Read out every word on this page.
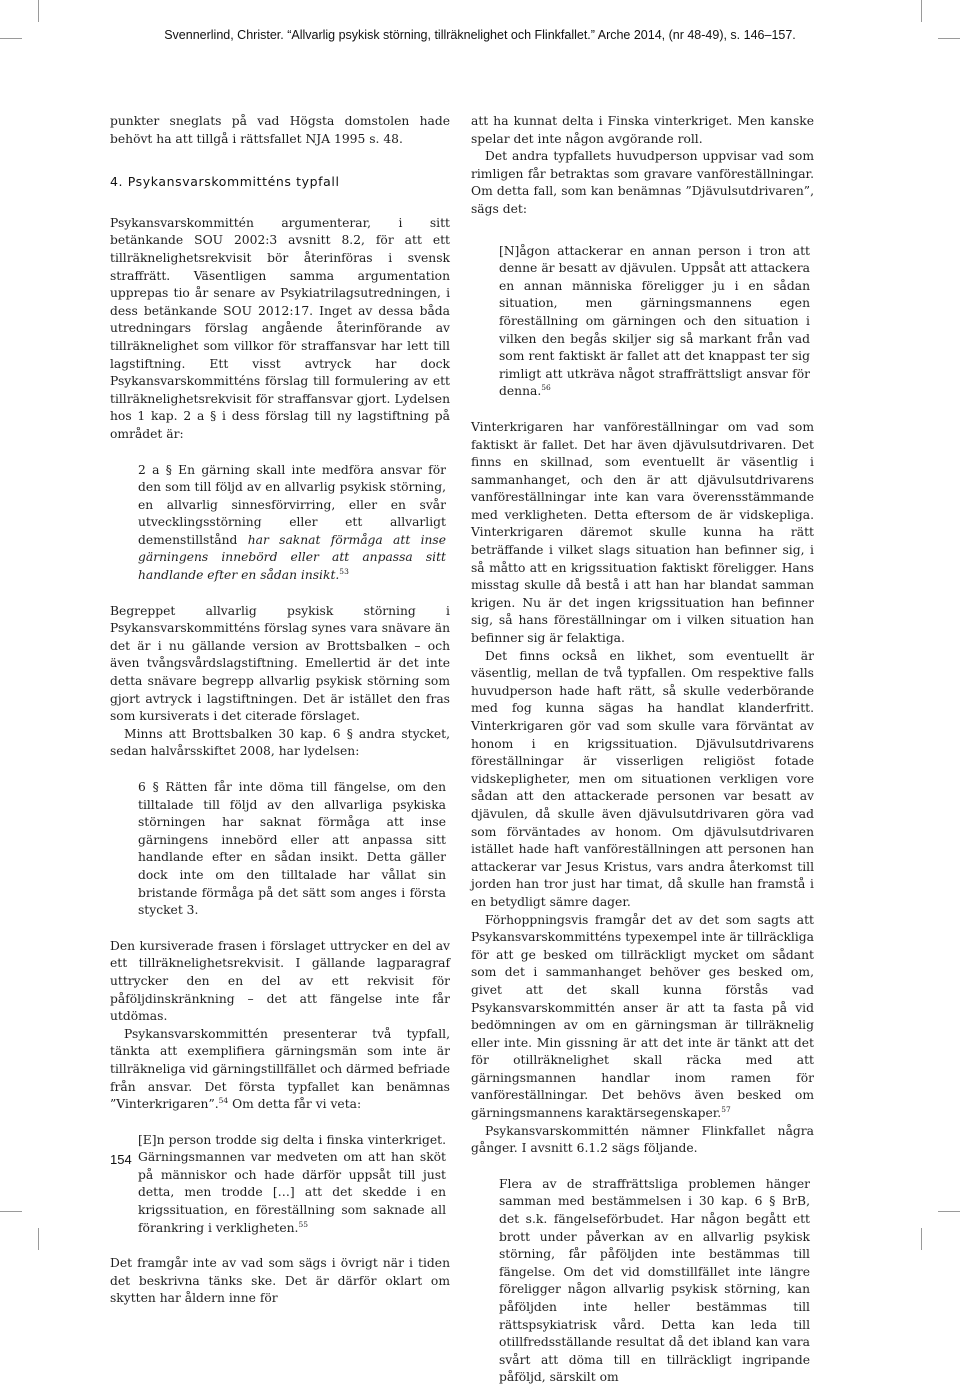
Svennerlind, Christer. “Allvarlig psykisk störning, tillräknelighet och Flinkfallet.” Arche 2014, (nr 48-49), s. 146–157.

punkter sneglats på vad Högsta domstolen hade behövt ha att tillgå i rättsfallet NJA 1995 s. 48.

4. Psykansvarskommitténs typfall

Psykansvarskommittén argumenterar, i sitt betänkande SOU 2002:3 avsnitt 8.2, för att ett tillräknelighetsrekvisit bör återinföras i svensk straffrätt. Väsentligen samma argumentation upprepas tio år senare av Psykiatrilagsutredningen, i dess betänkande SOU 2012:17. Inget av dessa båda utredningars förslag angående återinförande av tillräknelighet som villkor för straffansvar har lett till lagstiftning. Ett visst avtryck har dock Psykansvarskommitténs förslag till formulering av ett tillräknelighetsrekvisit för straffansvar gjort. Lydelsen hos 1 kap. 2 a § i dess förslag till ny lagstiftning på området är:

2 a § En gärning skall inte medföra ansvar för den som till följd av en allvarlig psykisk störning, en allvarlig sinnesförvirring, eller en svår utvecklingsstörning eller ett allvarligt demenstillstånd har saknat förmåga att inse gärningens innebörd eller att anpassa sitt handlande efter en sådan insikt.$^{53}$

Begreppet allvarlig psykisk störning i Psykansvarskommitténs förslag synes vara snävare än det är i nu gällande version av Brottsbalken – och även tvångsvårdslagstiftning. Emellertid är det inte detta snävare begrepp allvarlig psykisk störning som gjort avtryck i lagstiftningen. Det är istället den fras som kursiverats i det citerade förslaget.

Minns att Brottsbalken 30 kap. 6 § andra stycket, sedan halvårsskiftet 2008, har lydelsen:

6 § Rätten får inte döma till fängelse, om den tilltalade till följd av den allvarliga psykiska störningen har saknat förmåga att inse gärningens innebörd eller att anpassa sitt handlande efter en sådan insikt. Detta gäller dock inte om den tilltalade har vållat sin bristande förmåga på det sätt som anges i första stycket 3.

Den kursiverade frasen i förslaget uttrycker en del av ett tillräknelighetsrekvisit. I gällande lagparagraf uttrycker den en del av ett rekvisit för påföljdinskränkning – det att fängelse inte får utdömas.

Psykansvarskommittén presenterar två typfall, tänkta att exemplifiera gärningsmän som inte är tillräkneliga vid gärningstillfället och därmed befriade från ansvar. Det första typfallet kan benämnas ”Vinterkrigaren”.$^{54}$ Om detta får vi veta:

[E]n person trodde sig delta i finska vinterkriget. Gärningsmannen var medveten om att han sköt på människor och hade därför uppsåt till just detta, men trodde […] att det skedde i en krigssituation, en föreställning som saknade all förankring i verkligheten.$^{55}$

Det framgår inte av vad som sägs i övrigt när i tiden det beskrivna tänks ske. Det är därför oklart om skytten har åldern inne för

att ha kunnat delta i Finska vinterkriget. Men kanske spelar det inte någon avgörande roll.

Det andra typfallets huvudperson uppvisar vad som rimligen får betraktas som gravare vanföreställningar. Om detta fall, som kan benämnas ”Djävulsutdrivaren”, sägs det:

[N]ågon attackerar en annan person i tron att denne är besatt av djävulen. Uppsåt att attackera en annan människa föreligger ju i en sådan situation, men gärningsmannens egen föreställning om gärningen och den situation i vilken den begås skiljer sig så markant från vad som rent faktiskt är fallet att det knappast ter sig rimligt att utkräva något straffrättsligt ansvar för denna.$^{56}$

Vinterkrigaren har vanföreställningar om vad som faktiskt är fallet. Det har även djävulsutdrivaren. Det finns en skillnad, som eventuellt är väsentlig i sammanhanget, och den är att djävulsutdrivarens vanföreställningar inte kan vara överensstämmande med verkligheten. Detta eftersom de är vidskepliga. Vinterkrigaren däremot skulle kunna ha rätt beträffande i vilket slags situation han befinner sig, i så måtto att en krigssituation faktiskt föreligger. Hans misstag skulle då bestå i att han har blandat samman krigen. Nu är det ingen krigssituation han befinner sig, så hans föreställningar om i vilken situation han befinner sig är felaktiga.

Det finns också en likhet, som eventuellt är väsentlig, mellan de två typfallen. Om respektive falls huvudperson hade haft rätt, så skulle vederbörande med fog kunna sägas ha handlat klanderfritt. Vinterkrigaren gör vad som skulle vara förväntat av honom i en krigssituation. Djävulsutdrivarens föreställningar är visserligen religiöst fotade vidskepligheter, men om situationen verkligen vore sådan att den attackerade personen var besatt av djävulen, då skulle även djävulsutdrivaren göra vad som förväntades av honom. Om djävulsutdrivaren istället hade haft vanföreställningen att personen han attackerar var Jesus Kristus, vars andra återkomst till jorden han tror just har timat, då skulle han framstå i en betydligt sämre dager.

Förhoppningsvis framgår det av det som sagts att Psykansvarskommitténs typexempel inte är tillräckliga för att ge besked om tillräckligt mycket om sådant som det i sammanhanget behöver ges besked om, givet att det skall kunna förstås vad Psykansvarskommittén anser är att ta fasta på vid bedömningen av om en gärningsman är tillräknelig eller inte. Min gissning är att det inte är tänkt att det för otillräknelighet skall räcka med att gärningsmannen handlar inom ramen för vanföreställningar. Det behövs även besked om gärningsmannens karaktärsegenskaper.$^{57}$

Psykansvarskommittén nämner Flinkfallet några gånger. I avsnitt 6.1.2 sägs följande.

Flera av de straffrättsliga problemen hänger samman med bestämmelsen i 30 kap. 6 § BrB, det s.k. fängelseförbudet. Har någon begått ett brott under påverkan av en allvarlig psykisk störning, får påföljden inte bestämmas till fängelse. Om det vid domstillfället inte längre föreligger någon allvarlig psykisk störning, kan påföljden inte heller bestämmas till rättspsykiatrisk vård. Detta kan leda till otillfredsställande resultat då det ibland kan vara svårt att döma till en tillräckligt ingripande påföljd, särskilt om

154
